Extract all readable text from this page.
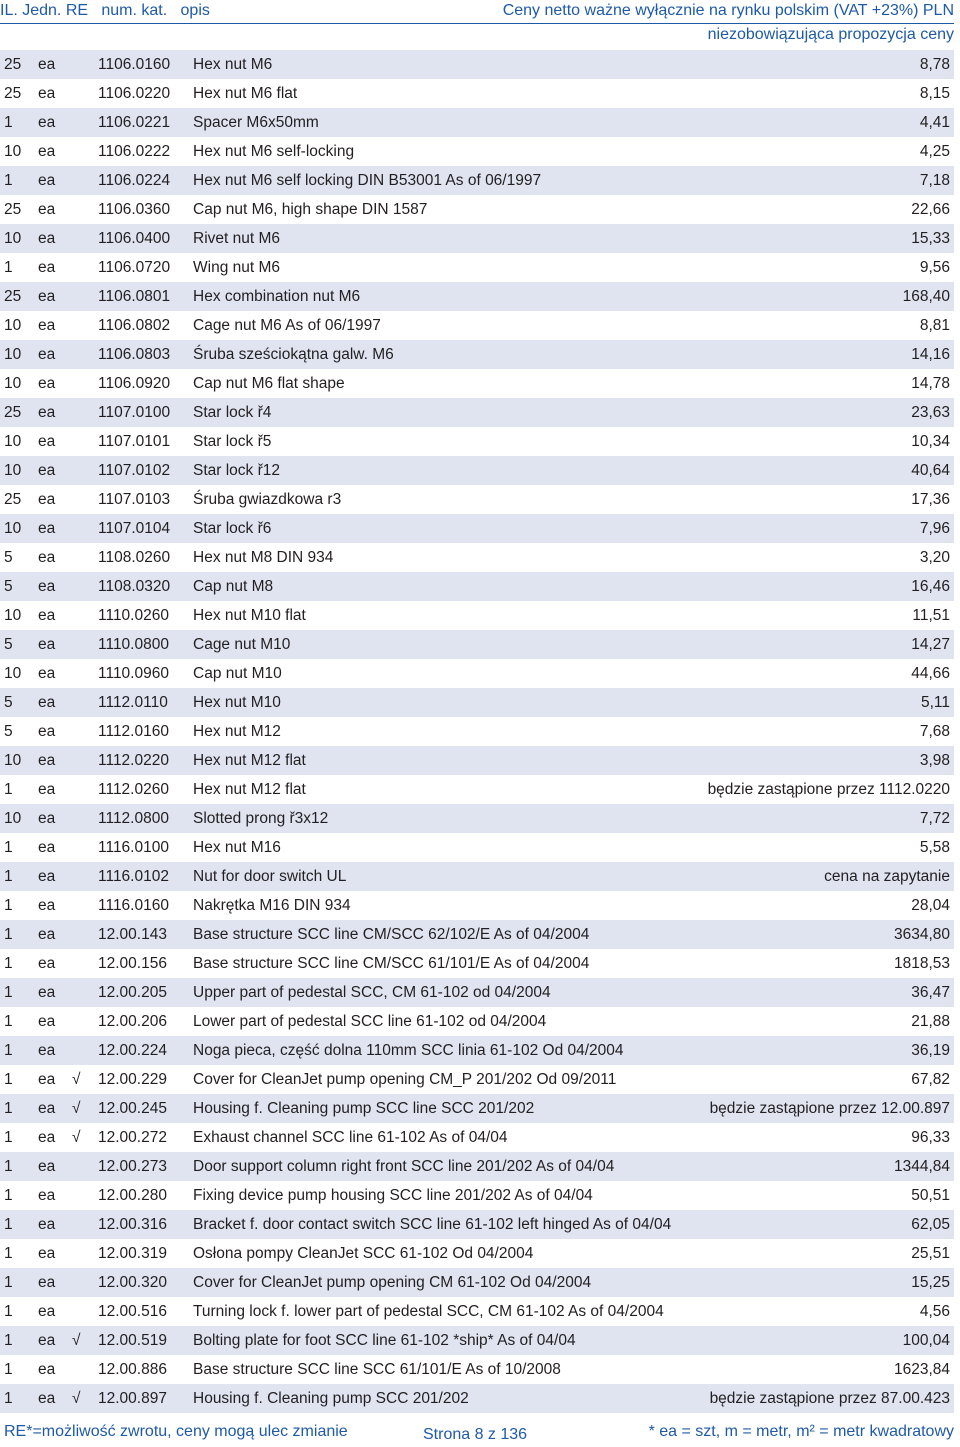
IL. Jedn. RE   num. kat.   opis	Ceny netto ważne wyłącznie na rynku polskim (VAT +23%) PLN
niezobowiązująca propozycja ceny
25 ea	1106.0160 Hex nut M6	8,78
25 ea	1106.0220 Hex nut M6 flat	8,15
1 ea	1106.0221 Spacer M6x50mm	4,41
10 ea	1106.0222 Hex nut M6 self-locking	4,25
1 ea	1106.0224 Hex nut M6 self locking DIN B53001 As of 06/1997	7,18
25 ea	1106.0360 Cap nut M6, high shape DIN 1587	22,66
10 ea	1106.0400 Rivet nut M6	15,33
1 ea	1106.0720 Wing nut M6	9,56
25 ea	1106.0801 Hex combination nut M6	168,40
10 ea	1106.0802 Cage nut M6 As of 06/1997	8,81
10 ea	1106.0803 Śruba sześciokątna galw. M6	14,16
10 ea	1106.0920 Cap nut M6 flat shape	14,78
25 ea	1107.0100 Star lock ř4	23,63
10 ea	1107.0101 Star lock ř5	10,34
10 ea	1107.0102 Star lock ř12	40,64
25 ea	1107.0103 Śruba gwiazdkowa r3	17,36
10 ea	1107.0104 Star lock ř6	7,96
5 ea	1108.0260 Hex nut M8 DIN 934	3,20
5 ea	1108.0320 Cap nut M8	16,46
10 ea	1110.0260 Hex nut M10 flat	11,51
5 ea	1110.0800 Cage nut M10	14,27
10 ea	1110.0960 Cap nut M10	44,66
5 ea	1112.0110 Hex nut M10	5,11
5 ea	1112.0160 Hex nut M12	7,68
10 ea	1112.0220 Hex nut M12 flat	3,98
1 ea	1112.0260 Hex nut M12 flat	będzie zastąpione przez 1112.0220
10 ea	1112.0800 Slotted prong ř3x12	7,72
1 ea	1116.0100 Hex nut M16	5,58
1 ea	1116.0102 Nut for door switch UL	cena na zapytanie
1 ea	1116.0160 Nakrętka M16 DIN 934	28,04
1 ea	12.00.143 Base structure SCC line CM/SCC 62/102/E As of 04/2004	3634,80
1 ea	12.00.156 Base structure SCC line CM/SCC 61/101/E As of 04/2004	1818,53
1 ea	12.00.205 Upper part of pedestal SCC, CM 61-102 od 04/2004	36,47
1 ea	12.00.206 Lower part of pedestal SCC line 61-102 od 04/2004	21,88
1 ea	12.00.224 Noga pieca, część dolna 110mm SCC linia 61-102 Od 04/2004	36,19
1 ea √ 12.00.229 Cover for CleanJet pump opening CM_P 201/202 Od 09/2011	67,82
1 ea √ 12.00.245 Housing f. Cleaning pump SCC line SCC 201/202	będzie zastąpione przez 12.00.897
1 ea √ 12.00.272 Exhaust channel SCC line 61-102 As of 04/04	96,33
1 ea	12.00.273 Door support column right front SCC line 201/202 As of 04/04	1344,84
1 ea	12.00.280 Fixing device pump housing SCC line 201/202 As of 04/04	50,51
1 ea	12.00.316 Bracket f. door contact switch SCC line 61-102 left hinged As of 04/04	62,05
1 ea	12.00.319 Osłona pompy CleanJet SCC 61-102 Od 04/2004	25,51
1 ea	12.00.320 Cover for CleanJet pump opening CM 61-102 Od 04/2004	15,25
1 ea	12.00.516 Turning lock f. lower part of pedestal SCC, CM 61-102 As of 04/2004	4,56
1 ea √ 12.00.519 Bolting plate for foot SCC line 61-102 *ship* As of 04/04	100,04
1 ea	12.00.886 Base structure SCC line SCC 61/101/E As of 10/2008	1623,84
1 ea √ 12.00.897 Housing f. Cleaning pump SCC 201/202	będzie zastąpione przez 87.00.423
RE*=możliwość zwrotu, ceny mogą ulec zmianie	Strona 8 z 136	* ea = szt, m = metr, m² = metr kwadratowy
